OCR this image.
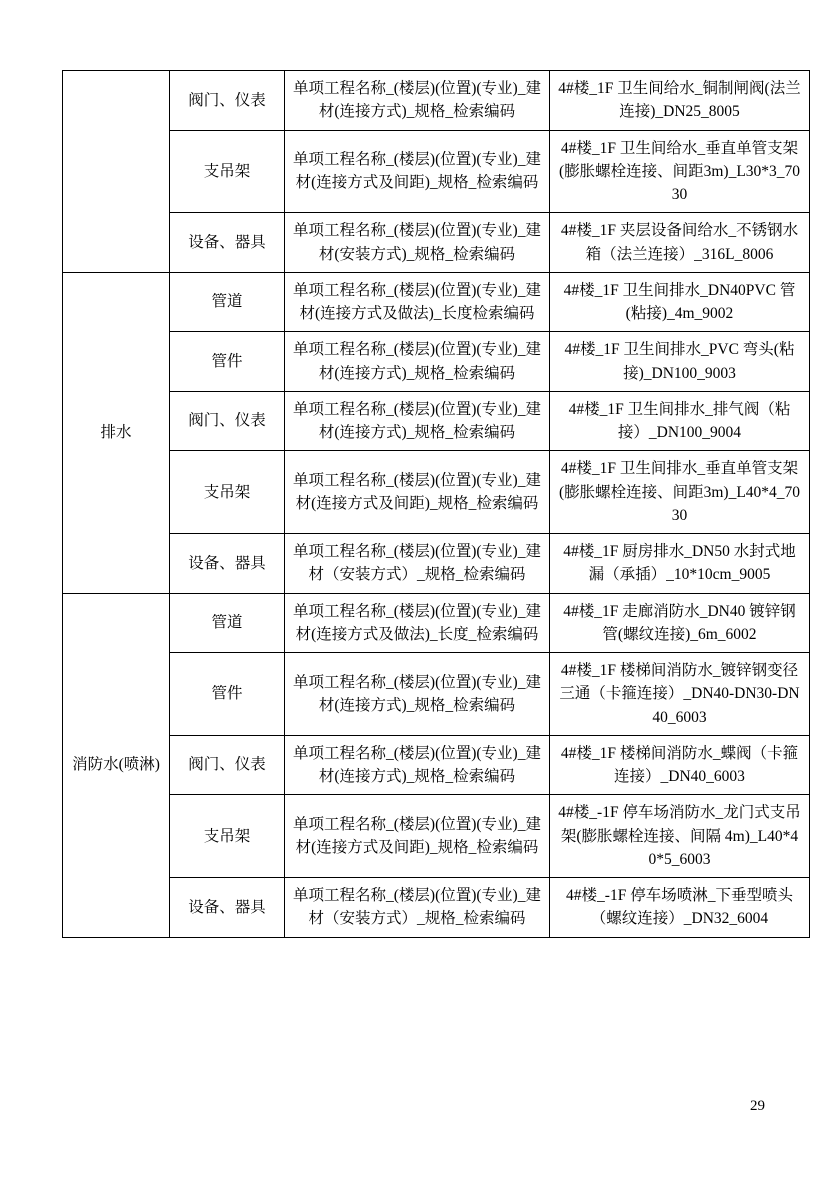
	阀门、仪表	单项工程名称_(楼层)(位置)(专业)_建材(连接方式)_规格_检索编码	4#楼_1F 卫生间给水_铜制闸阀(法兰连接)_DN25_8005
	支吊架	单项工程名称_(楼层)(位置)(专业)_建材(连接方式及间距)_规格_检索编码	4#楼_1F 卫生间给水_垂直单管支架(膨胀螺栓连接、间距3m)_L30*3_7030
	设备、器具	单项工程名称_(楼层)(位置)(专业)_建材(安装方式)_规格_检索编码	4#楼_1F 夹层设备间给水_不锈钢水箱（法兰连接）_316L_8006
排水	管道	单项工程名称_(楼层)(位置)(专业)_建材(连接方式及做法)_长度检索编码	4#楼_1F 卫生间排水_DN40PVC 管(粘接)_4m_9002
	管件	单项工程名称_(楼层)(位置)(专业)_建材(连接方式)_规格_检索编码	4#楼_1F 卫生间排水_PVC 弯头(粘接)_DN100_9003
	阀门、仪表	单项工程名称_(楼层)(位置)(专业)_建材(连接方式)_规格_检索编码	4#楼_1F 卫生间排水_排气阀（粘接）_DN100_9004
	支吊架	单项工程名称_(楼层)(位置)(专业)_建材(连接方式及间距)_规格_检索编码	4#楼_1F 卫生间排水_垂直单管支架(膨胀螺栓连接、间距3m)_L40*4_7030
	设备、器具	单项工程名称_(楼层)(位置)(专业)_建材（安装方式）_规格_检索编码	4#楼_1F 厨房排水_DN50 水封式地漏（承插）_10*10cm_9005
消防水(喷淋)	管道	单项工程名称_(楼层)(位置)(专业)_建材(连接方式及做法)_长度_检索编码	4#楼_1F 走廊消防水_DN40 镀锌钢管(螺纹连接)_6m_6002
	管件	单项工程名称_(楼层)(位置)(专业)_建材(连接方式)_规格_检索编码	4#楼_1F 楼梯间消防水_镀锌钢变径三通（卡箍连接）_DN40-DN30-DN40_6003
	阀门、仪表	单项工程名称_(楼层)(位置)(专业)_建材(连接方式)_规格_检索编码	4#楼_1F 楼梯间消防水_蝶阀（卡箍连接）_DN40_6003
	支吊架	单项工程名称_(楼层)(位置)(专业)_建材(连接方式及间距)_规格_检索编码	4#楼_-1F 停车场消防水_龙门式支吊架(膨胀螺栓连接、间隔 4m)_L40*40*5_6003
	设备、器具	单项工程名称_(楼层)(位置)(专业)_建材（安装方式）_规格_检索编码	4#楼_-1F 停车场喷淋_下垂型喷头（螺纹连接）_DN32_6004
29
